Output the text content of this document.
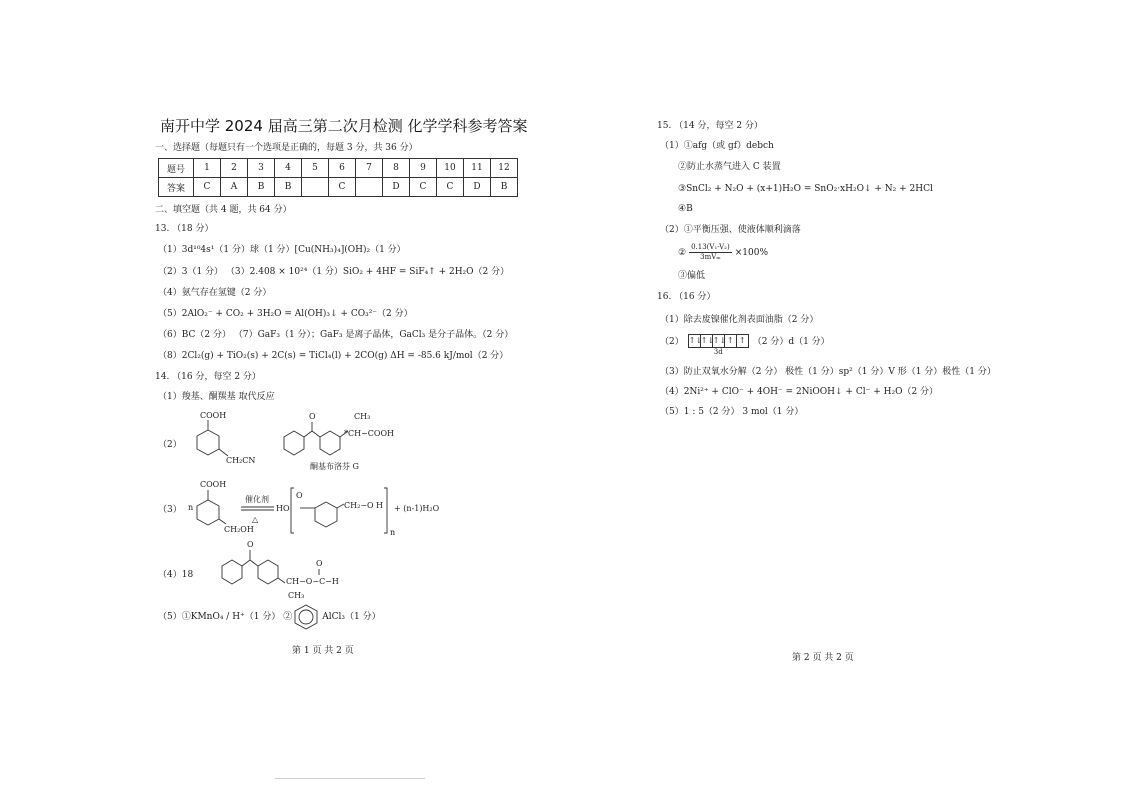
南开中学 2024 届高三第二次月检测 化学学科参考答案
一、选择题（每题只有一个选项是正确的，每题 3 分，共 36 分）
题号	1	2	3	4	5	6	7	8	9	10	11	12
答案	C	A	B	B		C		D	C	C	D	B
二、填空题（共 4 题，共 64 分）
13. （18 分）
（1）3d¹⁰4s¹（1 分）球（1 分）[Cu(NH₃)₄](OH)₂（1 分）
（2）3（1 分） （3）2.408 × 10²⁴（1 分）SiO₂ + 4HF = SiF₄↑ + 2H₂O（2 分）
（4）氨气存在氢键（2 分）
（5）2AlO₂⁻ + CO₂ + 3H₂O = Al(OH)₃↓ + CO₃²⁻（2 分）
（6）BC（2 分） （7）GaF₃（1 分）；GaF₃ 是离子晶体，GaCl₃ 是分子晶体。（2 分）
（8）2Cl₂(g) + TiO₂(s) + 2C(s) = TiCl₄(l) + 2CO(g) ΔH = -85.6 kJ/mol（2 分）
14. （16 分，每空 2 分）
（1）羧基、酮羰基 取代反应
（2）
COOH
CH₂CN
O	CH₃
*CH−COOH
酮基布洛芬 G
（3） n
COOH
CH₂OH
催化剂
△
HO
O
CH₂−O H
n
+ (n-1)H₂O
（4）18
O
O
CH−O−C−H
CH₃
（5）①KMnO₄ / H⁺（1 分） ②	AlCl₃（1 分）
第 1 页 共 2 页
15. （14 分，每空 2 分）
（1）①afg（或 gf）debch
②防止水蒸气进入 C 装置
③SnCl₂ + N₂O + (x+1)H₂O = SnO₂·xH₂O↓ + N₂ + 2HCl
④B
（2）①平衡压强、使液体顺利滴落
② $\frac{\text{0.13(V₁-V₂)}}{\text{3mVₘ}} \times 100\%$
③偏低
16. （16 分）
（1）除去废镍催化剂表面油脂（2 分）
（2） ↑↓
↑↓
↑↓ ↑ ↑
3d
（2 分）d（1 分）
（3）防止双氧水分解（2 分） 极性（1 分）sp²（1 分）V 形（1 分）极性（1 分）
（4）2Ni²⁺ + ClO⁻ + 4OH⁻ = 2NiOOH↓ + Cl⁻ + H₂O（2 分）
（5）1 : 5（2 分） 3 mol（1 分）
第 2 页 共 2 页
